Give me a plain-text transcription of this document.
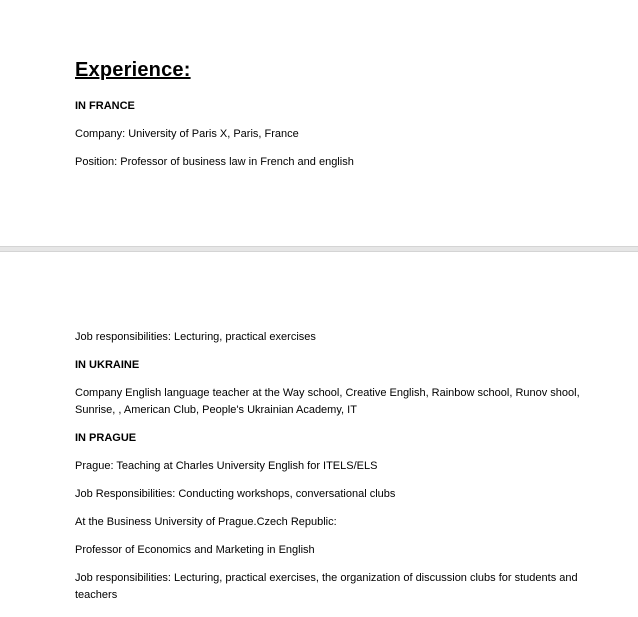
Experience:

IN FRANCE

Company: University of Paris X, Paris, France

Position: Professor of business law in French and english

Job responsibilities: Lecturing, practical exercises

IN UKRAINE

Company English language teacher at the Way school, Creative English, Rainbow school, Runov shool, Sunrise, , American Club, People's Ukrainian Academy, IT

IN PRAGUE

Prague: Teaching at Charles University English for ITELS/ELS

Job Responsibilities: Conducting workshops, conversational clubs

At the Business University of Prague.Czech Republic:

Professor of Economics and Marketing in English

Job responsibilities: Lecturing, practical exercises, the organization of discussion clubs for students and teachers
